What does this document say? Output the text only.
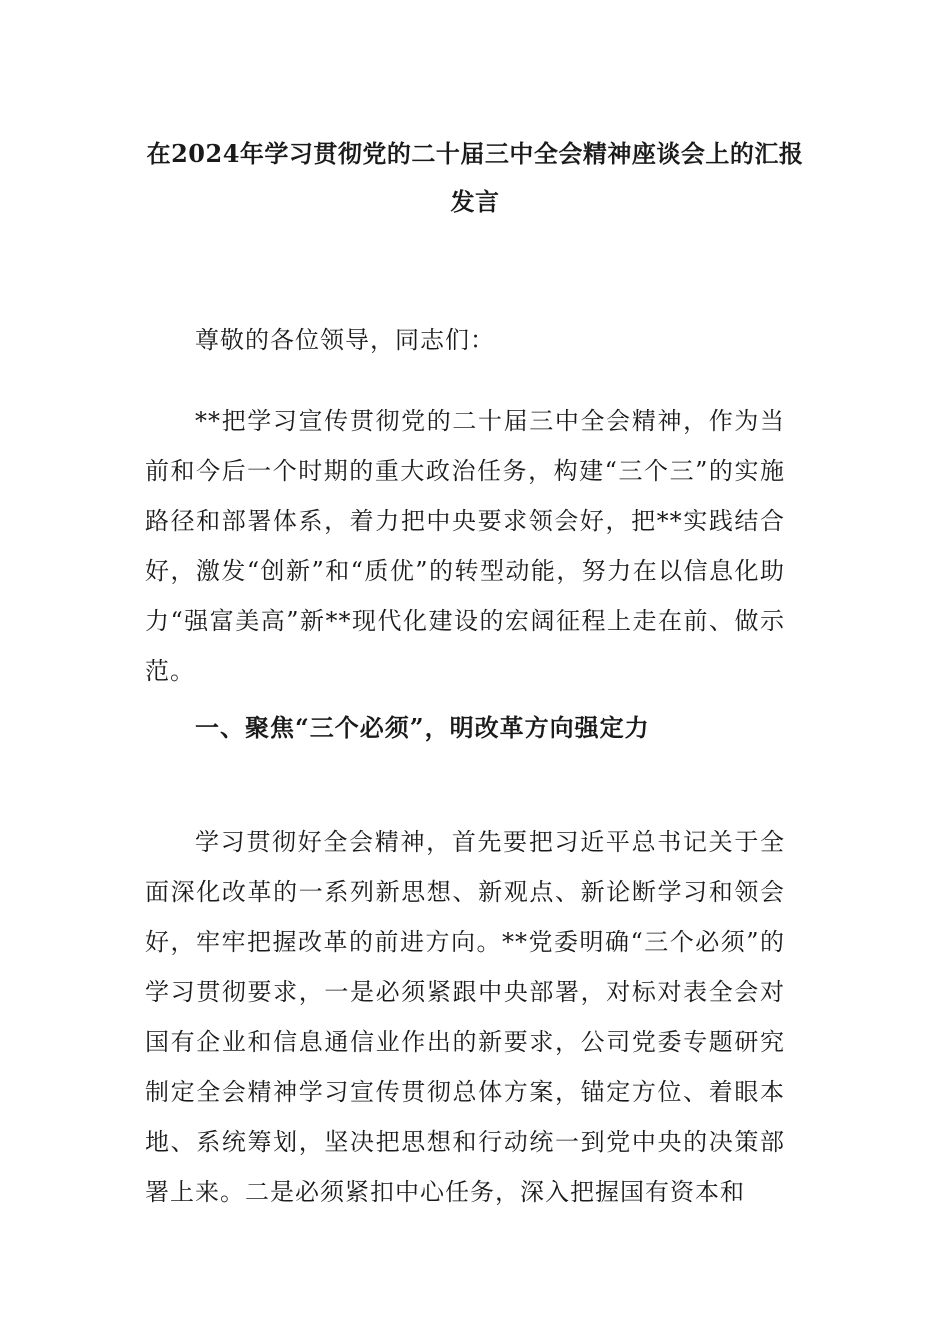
在2024年学习贯彻党的二十届三中全会精神座谈会上的汇报发言

尊敬的各位领导，同志们：

**把学习宣传贯彻党的二十届三中全会精神，作为当前和今后一个时期的重大政治任务，构建“三个三”的实施路径和部署体系，着力把中央要求领会好，把**实践结合好，激发“创新”和“质优”的转型动能，努力在以信息化助力“强富美高”新**现代化建设的宏阔征程上走在前、做示范。

一、聚焦“三个必须”，明改革方向强定力

学习贯彻好全会精神，首先要把习近平总书记关于全面深化改革的一系列新思想、新观点、新论断学习和领会好，牢牢把握改革的前进方向。**党委明确“三个必须”的学习贯彻要求，一是必须紧跟中央部署，对标对表全会对国有企业和信息通信业作出的新要求，公司党委专题研究制定全会精神学习宣传贯彻总体方案，锚定方位、着眼本地、系统筹划，坚决把思想和行动统一到党中央的决策部署上来。二是必须紧扣中心任务，深入把握国有资本和
